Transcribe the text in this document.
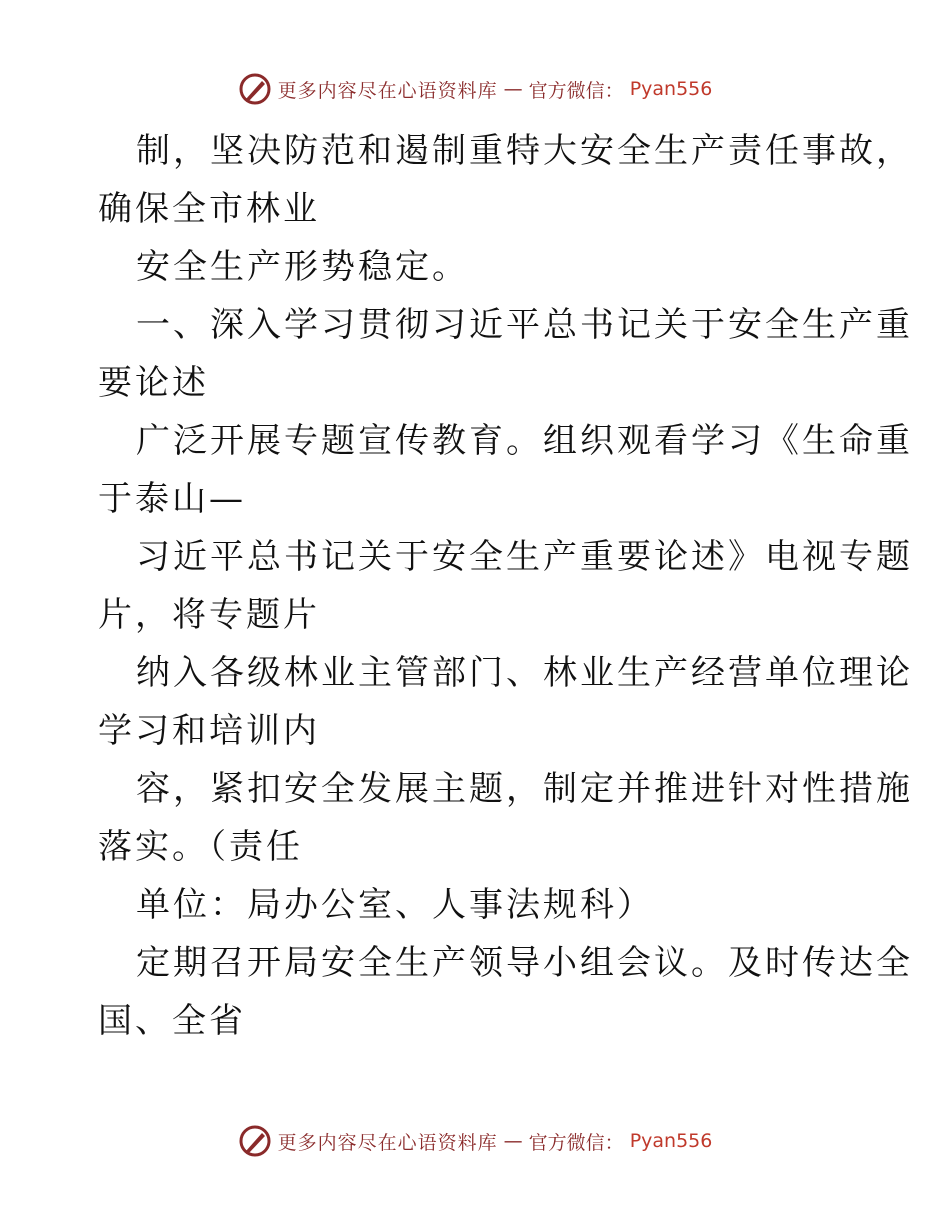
更多内容尽在心语资料库 — 官方微信： Pyan556
制，坚决防范和遏制重特大安全生产责任事故，
确保全市林业
安全生产形势稳定。
一、深入学习贯彻习近平总书记关于安全生产重
要论述
广泛开展专题宣传教育。组织观看学习《生命重
于泰山—
习近平总书记关于安全生产重要论述》电视专题
片，将专题片
纳入各级林业主管部门、林业生产经营单位理论
学习和培训内
容，紧扣安全发展主题，制定并推进针对性措施
落实。（责任
单位：局办公室、人事法规科）
定期召开局安全生产领导小组会议。及时传达全
国、全省
更多内容尽在心语资料库 — 官方微信： Pyan556
